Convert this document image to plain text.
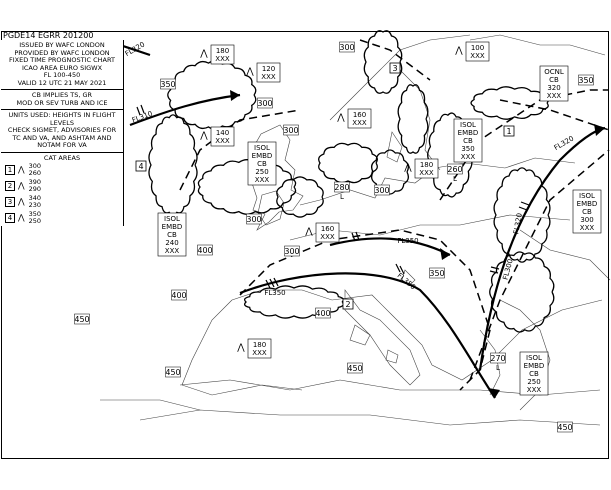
300
350
300
300
300
280
260
350
300
300
400
400
450
450	450
400
350
270
450
L
L
L
FL320
FL310
FL320
FL320
FL300
FL350
FL350
FL350
ISOL
EMBD
CB
250
XXX
ISOL
EMBD
CB
240
XXX
ISOL
EMBD
CB
350
XXX
OCNL
CB
320
XXX
ISOL
EMBD
CB
300
XXX
ISOL
EMBD
CB
250
XXX
180
XXX
⋀
120
XXX
⋀
100
XXX
⋀
160
XXX
⋀
140
XXX
⋀
180
XXX
⋀
160
XXX
⋀
180
XXX
⋀
1
2
3
4
PGDE14 EGRR 201200
ISSUED BY WAFC LONDON
PROVIDED BY WAFC LONDON
FIXED TIME PROGNOSTIC CHART
ICAO AREA EURO SIGWX
FL 100-450
VALID 12 UTC 21 MAY 2021
CB IMPLIES TS, GR
MOD OR SEV TURB AND ICE
UNITS USED: HEIGHTS IN FLIGHT LEVELS
CHECK SIGMET, ADVISORIES FOR
TC AND VA, AND ASHTAM AND
NOTAM FOR VA
CAT AREAS
1 ⋀ 300
260
2 ⋀ 390
290
3 ⋀ 340
230
4 ⋀ 350
250
